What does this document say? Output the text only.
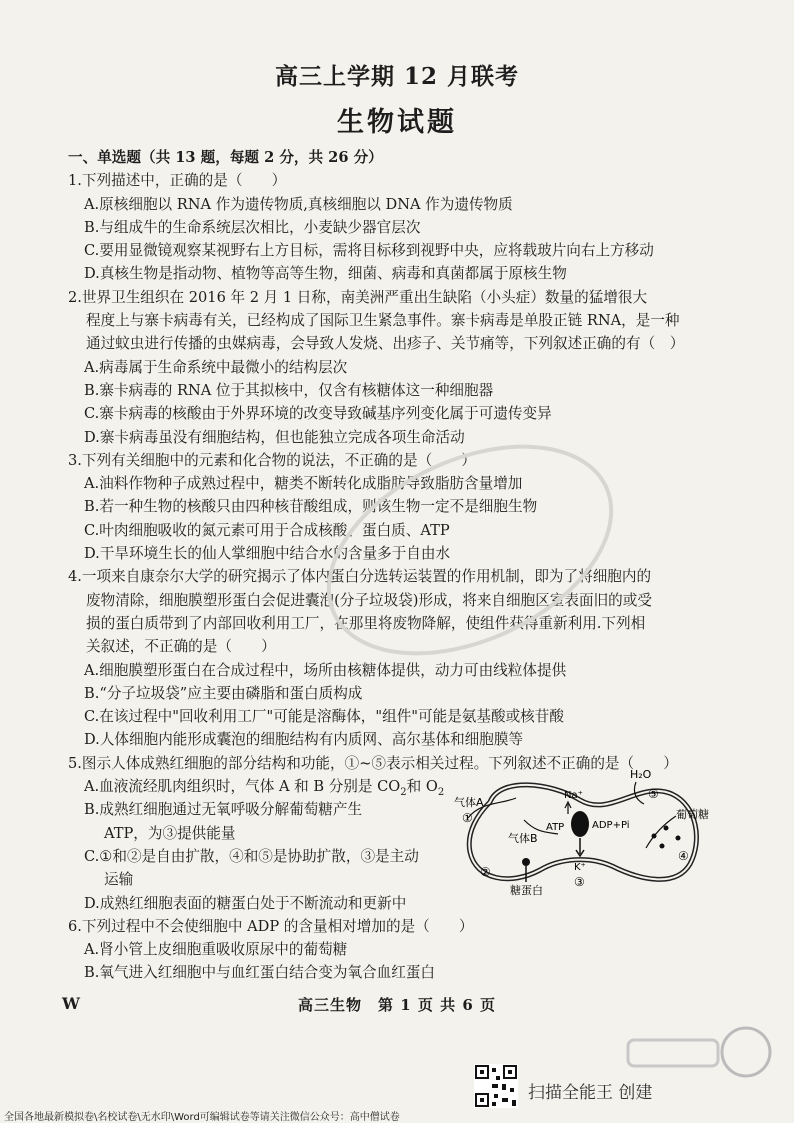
高三上学期 12 月联考
生物试题
一、单选题（共 13 题，每题 2 分，共 26 分）
1.下列描述中，正确的是（　　）
A.原核细胞以 RNA 作为遗传物质,真核细胞以 DNA 作为遗传物质
B.与组成牛的生命系统层次相比，小麦缺少器官层次
C.要用显微镜观察某视野右上方目标，需将目标移到视野中央，应将载玻片向右上方移动
D.真核生物是指动物、植物等高等生物，细菌、病毒和真菌都属于原核生物
2.世界卫生组织在 2016 年 2 月 1 日称，南美洲严重出生缺陷（小头症）数量的猛增很大
程度上与寨卡病毒有关，已经构成了国际卫生紧急事件。寨卡病毒是单股正链 RNA，是一种
通过蚊虫进行传播的虫媒病毒，会导致人发烧、出疹子、关节痛等，下列叙述正确的有（　）
A.病毒属于生命系统中最微小的结构层次
B.寨卡病毒的 RNA 位于其拟核中，仅含有核糖体这一种细胞器
C.寨卡病毒的核酸由于外界环境的改变导致碱基序列变化属于可遗传变异
D.寨卡病毒虽没有细胞结构，但也能独立完成各项生命活动
3.下列有关细胞中的元素和化合物的说法，不正确的是（　　）
A.油料作物种子成熟过程中，糖类不断转化成脂肪导致脂肪含量增加
B.若一种生物的核酸只由四种核苷酸组成，则该生物一定不是细胞生物
C.叶肉细胞吸收的氮元素可用于合成核酸、蛋白质、ATP
D.干旱环境生长的仙人掌细胞中结合水的含量多于自由水
4.一项来自康奈尔大学的研究揭示了体内蛋白分选转运装置的作用机制，即为了将细胞内的
废物清除，细胞膜塑形蛋白会促进囊泡(分子垃圾袋)形成，将来自细胞区室表面旧的或受
损的蛋白质带到了内部回收利用工厂，在那里将废物降解，使组件获得重新利用.下列相
关叙述，不正确的是（　　）
A.细胞膜塑形蛋白在合成过程中，场所由核糖体提供，动力可由线粒体提供
B.“分子垃圾袋”应主要由磷脂和蛋白质构成
C.在该过程中"回收利用工厂"可能是溶酶体，"组件"可能是氨基酸或核苷酸
D.人体细胞内能形成囊泡的细胞结构有内质网、高尔基体和细胞膜等
5.图示人体成熟红细胞的部分结构和功能，①~⑤表示相关过程。下列叙述不正确的是（　　）
A.血液流经肌肉组织时，气体 A 和 B 分别是 $CO_2$和 $O_2$
B.成熟红细胞通过无氧呼吸分解葡萄糖产生
ATP，为③提供能量
C.①和②是自由扩散，④和⑤是协助扩散，③是主动
运输
D.成熟红细胞表面的糖蛋白处于不断流动和更新中
6.下列过程中不会使细胞中 ADP 的含量相对增加的是（　　）
A.肾小管上皮细胞重吸收原尿中的葡萄糖
B.氧气进入红细胞中与血红蛋白结合变为氧合血红蛋白
气体A
气体B
H₂O
葡萄糖
糖蛋白
Na⁺
K⁺
ATP	ADP+Pi
①
②
③
④
⑤
W	高三生物　第 1 页 共 6 页
扫描全能王 创建
全国各地最新模拟卷\名校试卷\无水印\Word可编辑试卷等请关注微信公众号：高中僧试卷
